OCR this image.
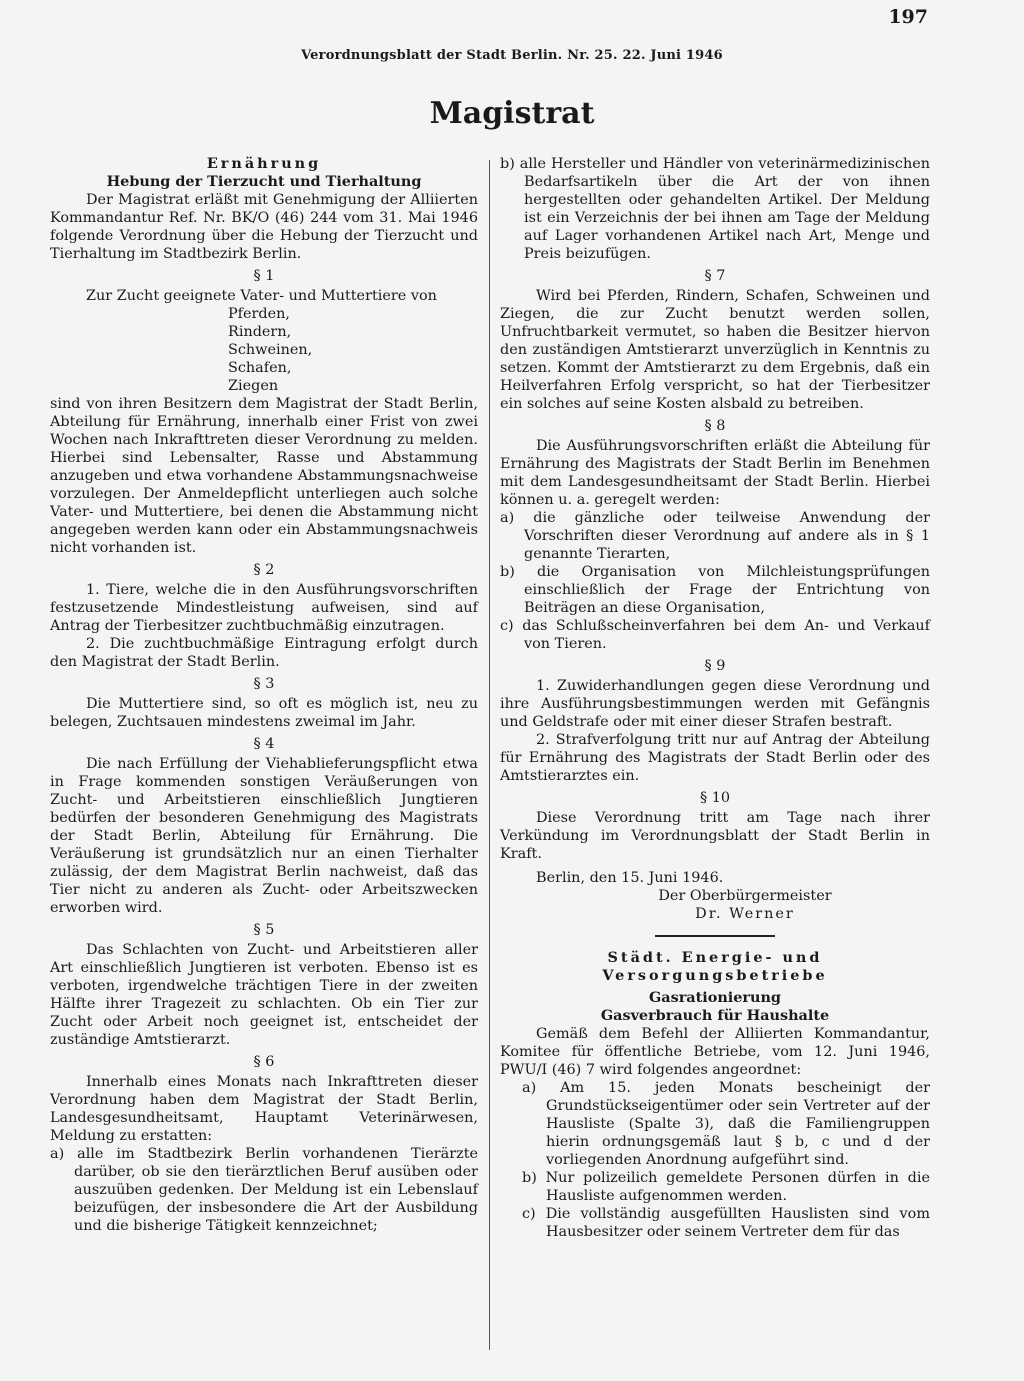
Verordnungsblatt der Stadt Berlin. Nr. 25. 22. Juni 1946
197
Magistrat

Ernährung

Hebung der Tierzucht und Tierhaltung

Der Magistrat erläßt mit Genehmigung der Alliierten Kommandantur Ref. Nr. BK/O (46) 244 vom 31. Mai 1946 folgende Verordnung über die Hebung der Tierzucht und Tierhaltung im Stadtbezirk Berlin.

§ 1

Zur Zucht geeignete Vater- und Muttertiere von

Pferden,

Rindern,

Schweinen,

Schafen,

Ziegen

sind von ihren Besitzern dem Magistrat der Stadt Berlin, Abteilung für Ernährung, innerhalb einer Frist von zwei Wochen nach Inkrafttreten dieser Verordnung zu melden. Hierbei sind Lebensalter, Rasse und Abstammung anzugeben und etwa vorhandene Abstammungsnachweise vorzulegen. Der Anmeldepflicht unterliegen auch solche Vater- und Muttertiere, bei denen die Abstammung nicht angegeben werden kann oder ein Abstammungsnachweis nicht vorhanden ist.

§ 2

1. Tiere, welche die in den Ausführungsvorschriften festzusetzende Mindestleistung aufweisen, sind auf Antrag der Tierbesitzer zuchtbuchmäßig einzutragen.

2. Die zuchtbuchmäßige Eintragung erfolgt durch den Magistrat der Stadt Berlin.

§ 3

Die Muttertiere sind, so oft es möglich ist, neu zu belegen, Zuchtsauen mindestens zweimal im Jahr.

§ 4

Die nach Erfüllung der Viehablieferungspflicht etwa in Frage kommenden sonstigen Veräußerungen von Zucht- und Arbeitstieren einschließlich Jungtieren bedürfen der besonderen Genehmigung des Magistrats der Stadt Berlin, Abteilung für Ernährung. Die Veräußerung ist grundsätzlich nur an einen Tierhalter zulässig, der dem Magistrat Berlin nachweist, daß das Tier nicht zu anderen als Zucht- oder Arbeitszwecken erworben wird.

§ 5

Das Schlachten von Zucht- und Arbeitstieren aller Art einschließlich Jungtieren ist verboten. Ebenso ist es verboten, irgendwelche trächtigen Tiere in der zweiten Hälfte ihrer Tragezeit zu schlachten. Ob ein Tier zur Zucht oder Arbeit noch geeignet ist, entscheidet der zuständige Amtstierarzt.

§ 6

Innerhalb eines Monats nach Inkrafttreten dieser Verordnung haben dem Magistrat der Stadt Berlin, Landesgesundheitsamt, Hauptamt Veterinärwesen, Meldung zu erstatten:

a) alle im Stadtbezirk Berlin vorhandenen Tierärzte darüber, ob sie den tierärztlichen Beruf ausüben oder auszuüben gedenken. Der Meldung ist ein Lebenslauf beizufügen, der insbesondere die Art der Ausbildung und die bisherige Tätigkeit kennzeichnet;

b) alle Hersteller und Händler von veterinärmedizinischen Bedarfsartikeln über die Art der von ihnen hergestellten oder gehandelten Artikel. Der Meldung ist ein Verzeichnis der bei ihnen am Tage der Meldung auf Lager vorhandenen Artikel nach Art, Menge und Preis beizufügen.

§ 7

Wird bei Pferden, Rindern, Schafen, Schweinen und Ziegen, die zur Zucht benutzt werden sollen, Unfruchtbarkeit vermutet, so haben die Besitzer hiervon den zuständigen Amtstierarzt unverzüglich in Kenntnis zu setzen. Kommt der Amtstierarzt zu dem Ergebnis, daß ein Heilverfahren Erfolg verspricht, so hat der Tierbesitzer ein solches auf seine Kosten alsbald zu betreiben.

§ 8

Die Ausführungsvorschriften erläßt die Abteilung für Ernährung des Magistrats der Stadt Berlin im Benehmen mit dem Landesgesundheitsamt der Stadt Berlin. Hierbei können u. a. geregelt werden:

a) die gänzliche oder teilweise Anwendung der Vorschriften dieser Verordnung auf andere als in § 1 genannte Tierarten,

b) die Organisation von Milchleistungsprüfungen einschließlich der Frage der Entrichtung von Beiträgen an diese Organisation,

c) das Schlußscheinverfahren bei dem An- und Verkauf von Tieren.

§ 9

1. Zuwiderhandlungen gegen diese Verordnung und ihre Ausführungsbestimmungen werden mit Gefängnis und Geldstrafe oder mit einer dieser Strafen bestraft.

2. Strafverfolgung tritt nur auf Antrag der Abteilung für Ernährung des Magistrats der Stadt Berlin oder des Amtstierarztes ein.

§ 10

Diese Verordnung tritt am Tage nach ihrer Verkündung im Verordnungsblatt der Stadt Berlin in Kraft.

Berlin, den 15. Juni 1946.

Der Oberbürgermeister

Dr. Werner

Städt. Energie- und Versorgungsbetriebe

Gasrationierung

Gasverbrauch für Haushalte

Gemäß dem Befehl der Alliierten Kommandantur, Komitee für öffentliche Betriebe, vom 12. Juni 1946, PWU/I (46) 7 wird folgendes angeordnet:

a) Am 15. jeden Monats bescheinigt der Grundstückseigentümer oder sein Vertreter auf der Hausliste (Spalte 3), daß die Familiengruppen hierin ordnungsgemäß laut § b, c und d der vorliegenden Anordnung aufgeführt sind.

b) Nur polizeilich gemeldete Personen dürfen in die Hausliste aufgenommen werden.

c) Die vollständig ausgefüllten Hauslisten sind vom Hausbesitzer oder seinem Vertreter dem für das
